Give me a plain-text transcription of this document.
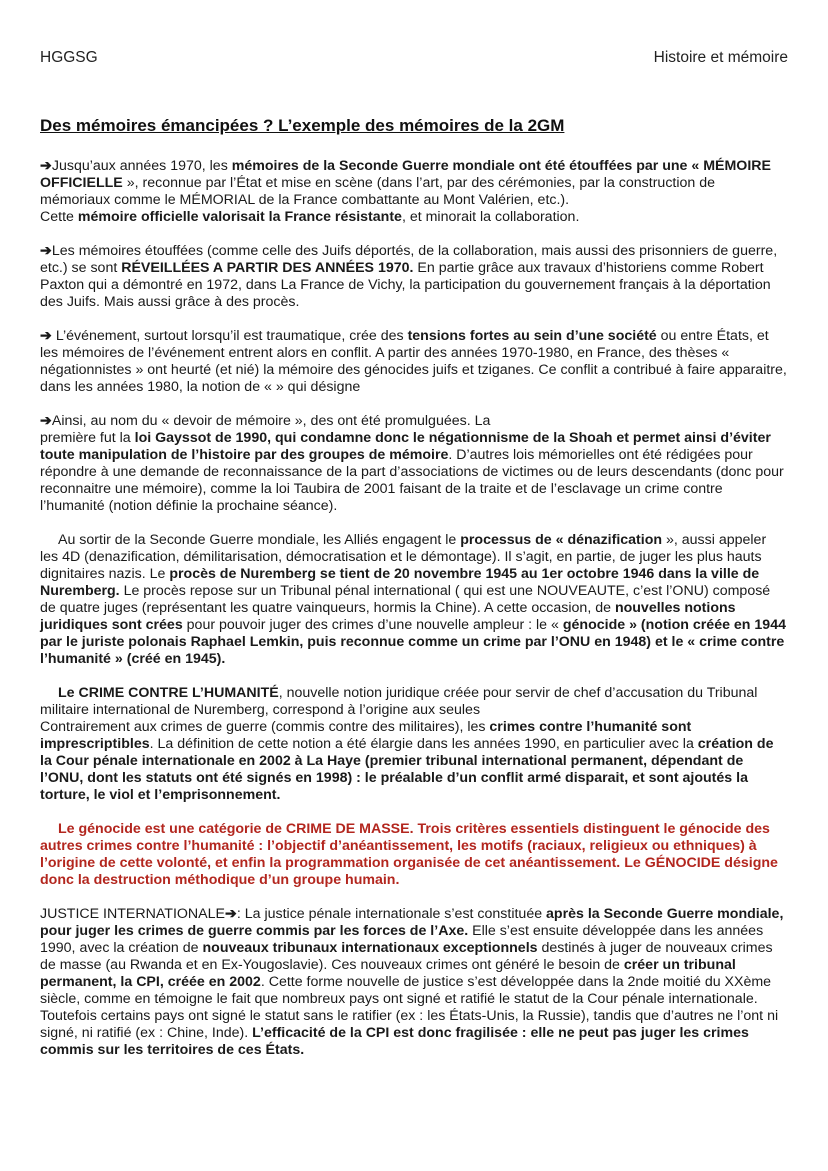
HGGSG	Histoire et mémoire
Des mémoires émancipées ? L’exemple des mémoires de la 2GM

➔Jusqu’aux années 1970, les mémoires de la Seconde Guerre mondiale ont été étouffées par une « MÉMOIRE OFFICIELLE », reconnue par l’État et mise en scène (dans l’art, par des cérémonies, par la construction de mémoriaux comme le MÉMORIAL de la France combattante au Mont Valérien, etc.).
Cette mémoire officielle valorisait la France résistante, et minorait la collaboration.

➔Les mémoires étouffées (comme celle des Juifs déportés, de la collaboration, mais aussi des prisonniers de guerre, etc.) se sont RÉVEILLÉES A PARTIR DES ANNÉES 1970. En partie grâce aux travaux d’historiens comme Robert Paxton qui a démontré en 1972, dans La France de Vichy, la participation du gouvernement français à la déportation des Juifs. Mais aussi grâce à des procès.

➔ L’événement, surtout lorsqu’il est traumatique, crée des tensions fortes au sein d’une société ou entre États, et les mémoires de l’événement entrent alors en conflit. A partir des années 1970-1980, en France, des thèses « négationnistes » ont heurté (et nié) la mémoire des génocides juifs et tziganes. Ce conflit a contribué à faire apparaitre, dans les années 1980, la notion de « » qui désigne

➔Ainsi, au nom du « devoir de mémoire », des ont été promulguées. La
première fut la loi Gayssot de 1990, qui condamne donc le négationnisme de la Shoah et permet ainsi d’éviter toute manipulation de l’histoire par des groupes de mémoire. D’autres lois mémorielles ont été rédigées pour répondre à une demande de reconnaissance de la part d’associations de victimes ou de leurs descendants (donc pour reconnaitre une mémoire), comme la loi Taubira de 2001 faisant de la traite et de l’esclavage un crime contre l’humanité (notion définie la prochaine séance).

Au sortir de la Seconde Guerre mondiale, les Alliés engagent le processus de « dénazification », aussi appeler les 4D (denazification, démilitarisation, démocratisation et le démontage). Il s’agit, en partie, de juger les plus hauts dignitaires nazis. Le procès de Nuremberg se tient de 20 novembre 1945 au 1er octobre 1946 dans la ville de Nuremberg. Le procès repose sur un Tribunal pénal international ( qui est une NOUVEAUTE, c’est l’ONU) composé de quatre juges (représentant les quatre vainqueurs, hormis la Chine). A cette occasion, de nouvelles notions juridiques sont crées pour pouvoir juger des crimes d’une nouvelle ampleur : le « génocide » (notion créée en 1944 par le juriste polonais Raphael Lemkin, puis reconnue comme un crime par l’ONU en 1948) et le « crime contre l’humanité » (créé en 1945).

Le CRIME CONTRE L’HUMANITÉ, nouvelle notion juridique créée pour servir de chef d’accusation du Tribunal militaire international de Nuremberg, correspond à l’origine aux seules
Contrairement aux crimes de guerre (commis contre des militaires), les crimes contre l’humanité sont imprescriptibles. La définition de cette notion a été élargie dans les années 1990, en particulier avec la création de la Cour pénale internationale en 2002 à La Haye (premier tribunal international permanent, dépendant de l’ONU, dont les statuts ont été signés en 1998) : le préalable d’un conflit armé disparait, et sont ajoutés la torture, le viol et l’emprisonnement.

Le génocide est une catégorie de CRIME DE MASSE. Trois critères essentiels distinguent le génocide des autres crimes contre l’humanité : l’objectif d’anéantissement, les motifs (raciaux, religieux ou ethniques) à l’origine de cette volonté, et enfin la programmation organisée de cet anéantissement. Le GÉNOCIDE désigne donc la destruction méthodique d’un groupe humain.

JUSTICE INTERNATIONALE➔: La justice pénale internationale s’est constituée après la Seconde Guerre mondiale, pour juger les crimes de guerre commis par les forces de l’Axe. Elle s’est ensuite développée dans les années 1990, avec la création de nouveaux tribunaux internationaux exceptionnels destinés à juger de nouveaux crimes de masse (au Rwanda et en Ex-Yougoslavie). Ces nouveaux crimes ont généré le besoin de créer un tribunal permanent, la CPI, créée en 2002. Cette forme nouvelle de justice s’est développée dans la 2nde moitié du XXème siècle, comme en témoigne le fait que nombreux pays ont signé et ratifié le statut de la Cour pénale internationale. Toutefois certains pays ont signé le statut sans le ratifier (ex : les États-Unis, la Russie), tandis que d’autres ne l’ont ni signé, ni ratifié (ex : Chine, Inde). L’efficacité de la CPI est donc fragilisée : elle ne peut pas juger les crimes commis sur les territoires de ces États.
